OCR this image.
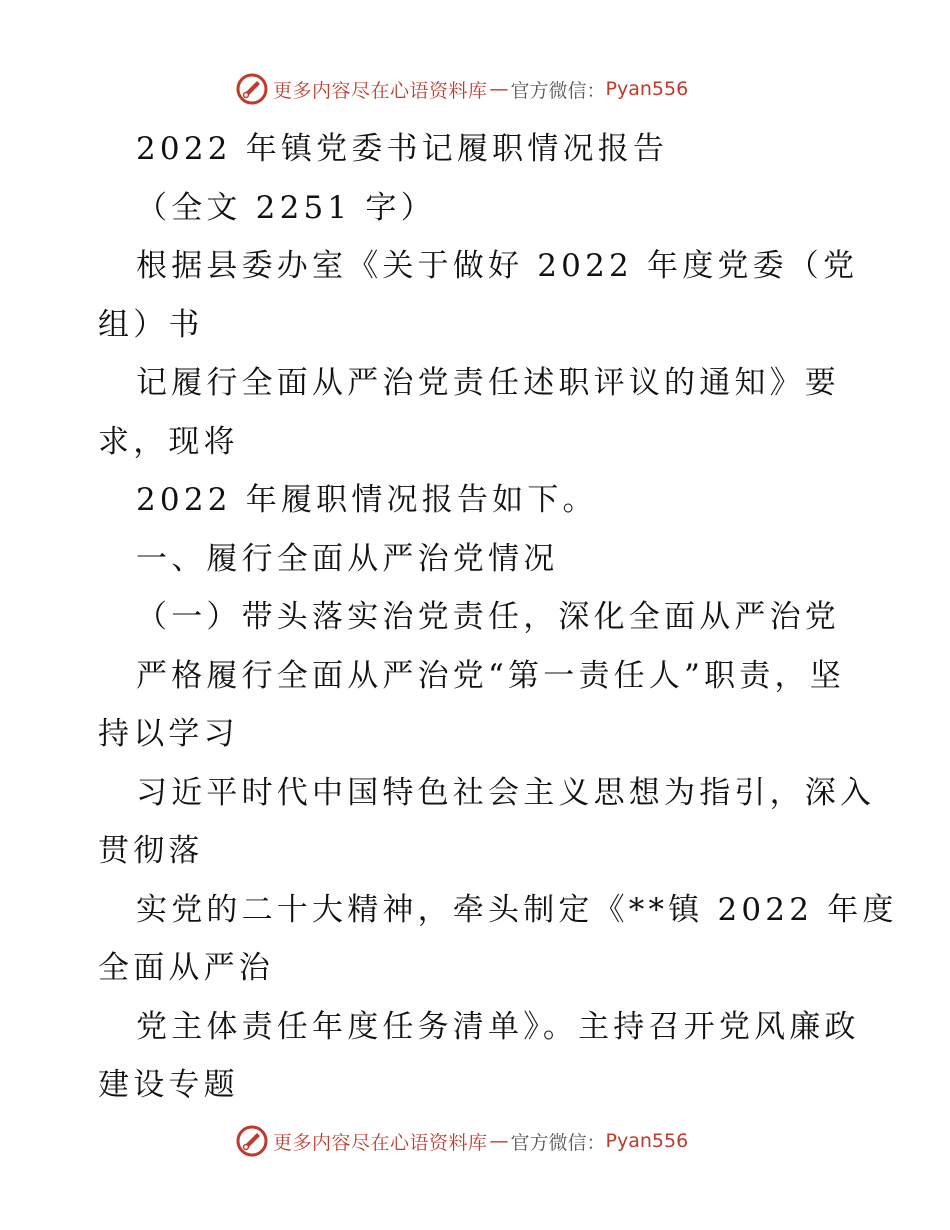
更多内容尽在心语资料库 — 官方微信： Pyan556
2022 年镇党委书记履职情况报告
（全文 2251 字）
根据县委办室《关于做好 2022 年度党委（党
组）书
记履行全面从严治党责任述职评议的通知》要
求，现将
2022 年履职情况报告如下。
一、履行全面从严治党情况
（一）带头落实治党责任，深化全面从严治党
严格履行全面从严治党“第一责任人”职责，坚
持以学习
习近平时代中国特色社会主义思想为指引，深入
贯彻落
实党的二十大精神，牵头制定《**镇 2022 年度
全面从严治
党主体责任年度任务清单》。主持召开党风廉政
建设专题
更多内容尽在心语资料库 — 官方微信： Pyan556
